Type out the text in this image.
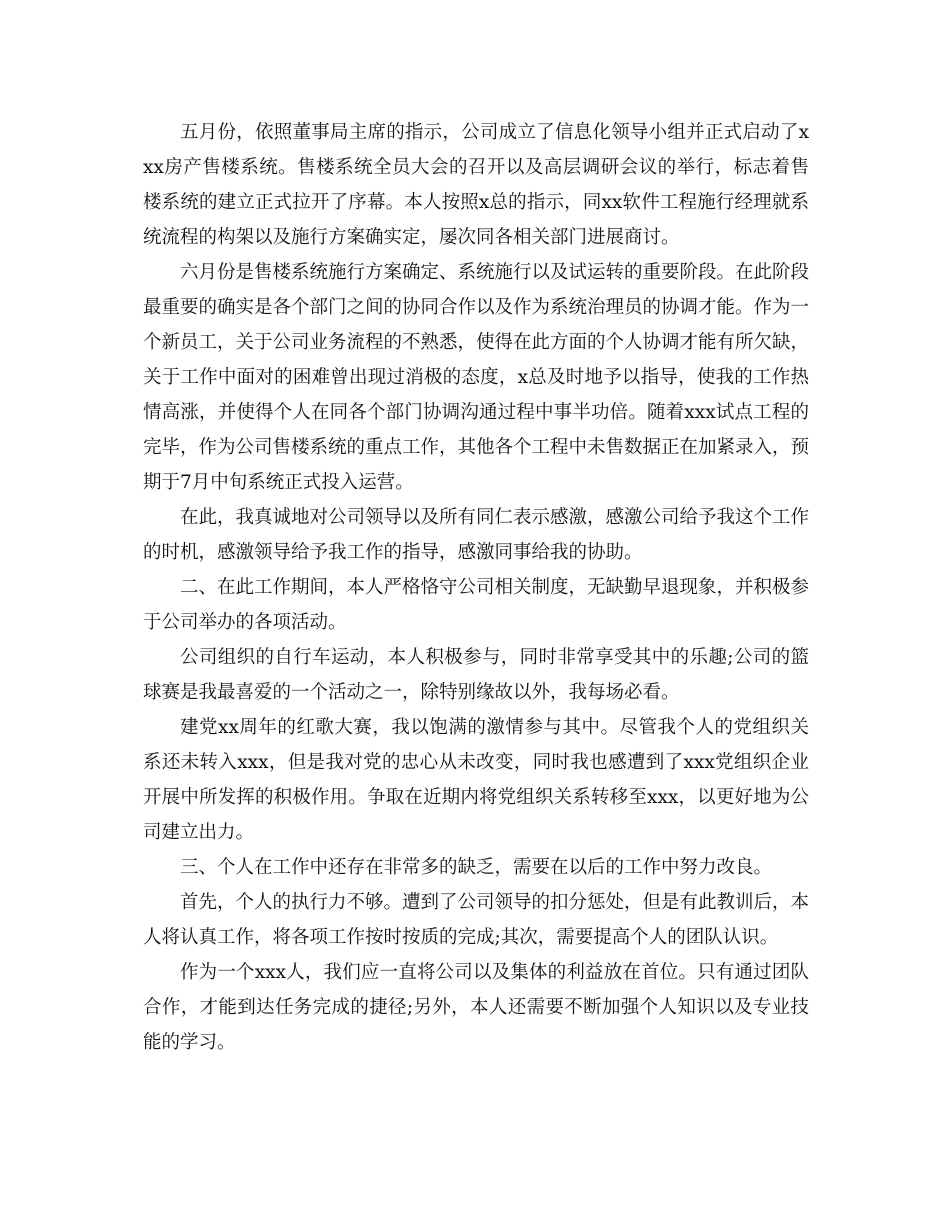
五月份，依照董事局主席的指示，公司成立了信息化领导小组并正式启动了xxx房产售楼系统。售楼系统全员大会的召开以及高层调研会议的举行，标志着售楼系统的建立正式拉开了序幕。本人按照x总的指示，同xx软件工程施行经理就系统流程的构架以及施行方案确实定，屡次同各相关部门进展商讨。

六月份是售楼系统施行方案确定、系统施行以及试运转的重要阶段。在此阶段最重要的确实是各个部门之间的协同合作以及作为系统治理员的协调才能。作为一个新员工，关于公司业务流程的不熟悉，使得在此方面的个人协调才能有所欠缺，关于工作中面对的困难曾出现过消极的态度，x总及时地予以指导，使我的工作热情高涨，并使得个人在同各个部门协调沟通过程中事半功倍。随着xxx试点工程的完毕，作为公司售楼系统的重点工作，其他各个工程中未售数据正在加紧录入，预期于7月中旬系统正式投入运营。

在此，我真诚地对公司领导以及所有同仁表示感激，感激公司给予我这个工作的时机，感激领导给予我工作的指导，感激同事给我的协助。

二、在此工作期间，本人严格恪守公司相关制度，无缺勤早退现象，并积极参于公司举办的各项活动。

公司组织的自行车运动，本人积极参与，同时非常享受其中的乐趣;公司的篮球赛是我最喜爱的一个活动之一，除特别缘故以外，我每场必看。

建党xx周年的红歌大赛，我以饱满的激情参与其中。尽管我个人的党组织关系还未转入xxx，但是我对党的忠心从未改变，同时我也感遭到了xxx党组织企业开展中所发挥的积极作用。争取在近期内将党组织关系转移至xxx，以更好地为公司建立出力。

三、个人在工作中还存在非常多的缺乏，需要在以后的工作中努力改良。

首先，个人的执行力不够。遭到了公司领导的扣分惩处，但是有此教训后，本人将认真工作，将各项工作按时按质的完成;其次，需要提高个人的团队认识。

作为一个xxx人，我们应一直将公司以及集体的利益放在首位。只有通过团队合作，才能到达任务完成的捷径;另外，本人还需要不断加强个人知识以及专业技能的学习。
